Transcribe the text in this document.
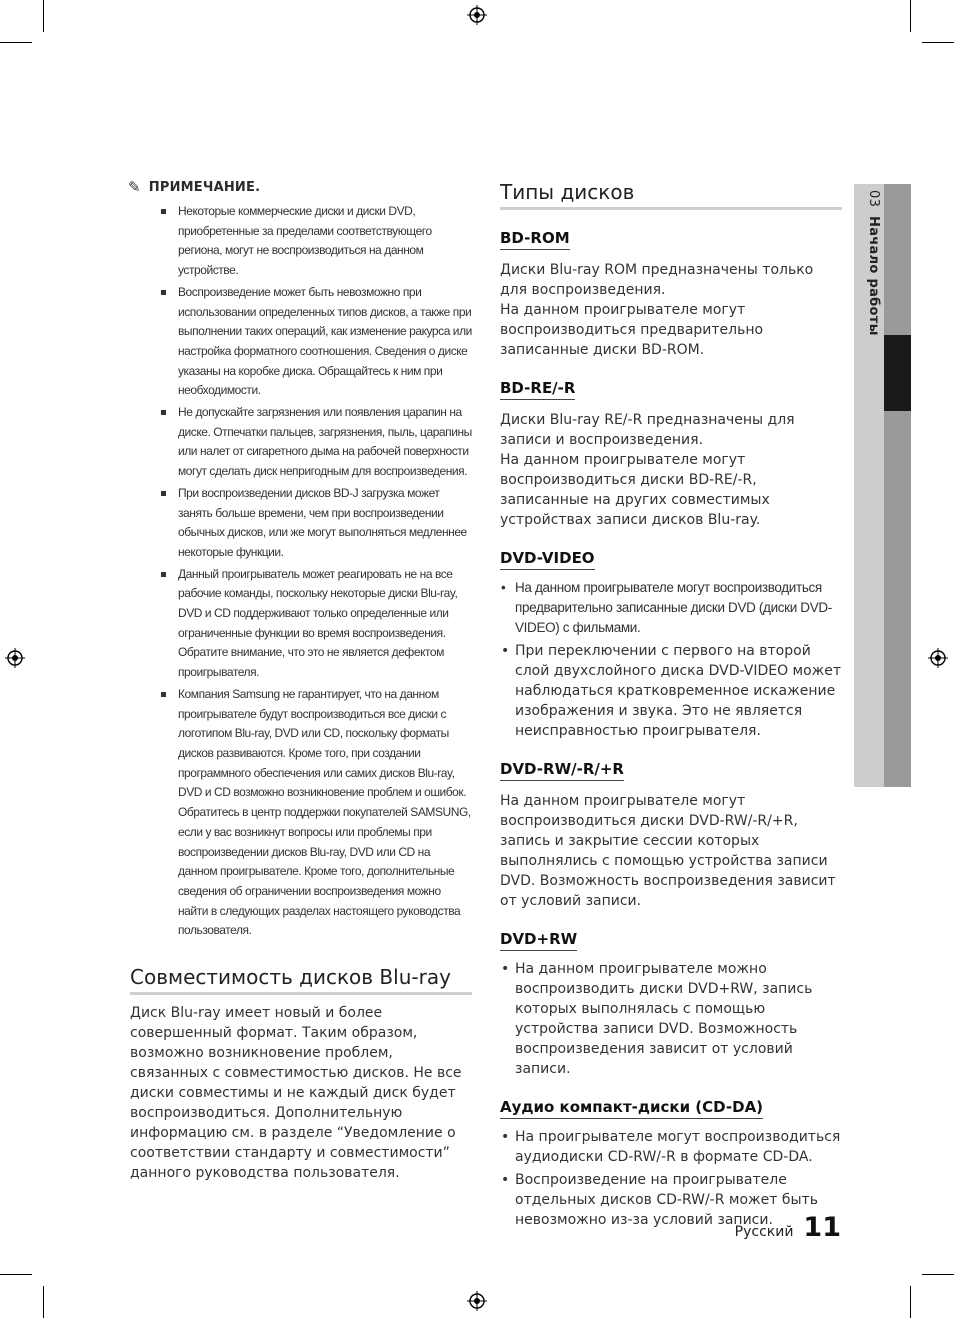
✎ ПРИМЕЧАНИЕ.
Некоторые коммерческие диски и диски DVD, приобретенные за пределами соответствующего региона, могут не воспроизводиться на данном устройстве.
Воспроизведение может быть невозможно при использовании определенных типов дисков, а также при выполнении таких операций, как изменение ракурса или настройка форматного соотношения. Сведения о диске указаны на коробке диска. Обращайтесь к ним при необходимости.
Не допускайте загрязнения или появления царапин на диске. Отпечатки пальцев, загрязнения, пыль, царапины или налет от сигаретного дыма на рабочей поверхности могут сделать диск непригодным для воспроизведения.
При воспроизведении дисков BD-J загрузка может занять больше времени, чем при воспроизведении обычных дисков, или же могут выполняться медленнее некоторые функции.
Данный проигрыватель может реагировать не на все рабочие команды, поскольку некоторые диски Blu-ray, DVD и CD поддерживают только определенные или ограниченные функции во время воспроизведения. Обратите внимание, что это не является дефектом проигрывателя.
Компания Samsung не гарантирует, что на данном проигрывателе будут воспроизводиться все диски с логотипом Blu-ray, DVD или CD, поскольку форматы дисков развиваются. Кроме того, при создании программного обеспечения или самих дисков Blu-ray, DVD и CD возможно возникновение проблем и ошибок. Обратитесь в центр поддержки покупателей SAMSUNG, если у вас возникнут вопросы или проблемы при воспроизведении дисков Blu-ray, DVD или CD на данном проигрывателе. Кроме того, дополнительные сведения об ограничении воспроизведения можно найти в следующих разделах настоящего руководства пользователя.
Совместимость дисков Blu-ray

Диск Blu-ray имеет новый и более совершенный формат. Таким образом, возможно возникновение проблем, связанных с совместимостью дисков. Не все диски совместимы и не каждый диск будет воспроизводиться. Дополнительную информацию см. в разделе “Уведомление о соответствии стандарту и совместимости” данного руководства пользователя.

Типы дисков
BD-ROM

Диски Blu-ray ROM предназначены только для воспроизведения.

На данном проигрывателе могут воспроизводиться предварительно записанные диски BD-ROM.

BD-RE/-R

Диски Blu-ray RE/-R предназначены для записи и воспроизведения.

На данном проигрывателе могут воспроизводиться диски BD-RE/-R, записанные на других совместимых устройствах записи дисков Blu-ray.

DVD-VIDEO
• На данном проигрывателе могут воспроизводиться предварительно записанные диски DVD (диски DVD-VIDEO) с фильмами.
• При переключении с первого на второй слой двухслойного диска DVD-VIDEO может наблюдаться кратковременное искажение изображения и звука. Это не является неисправностью проигрывателя.
DVD-RW/-R/+R

На данном проигрывателе могут воспроизводиться диски DVD-RW/-R/+R, запись и закрытие сессии которых выполнялись с помощью устройства записи DVD. Возможность воспроизведения зависит от условий записи.

DVD+RW
• На данном проигрывателе можно воспроизводить диски DVD+RW, запись которых выполнялась с помощью устройства записи DVD. Возможность воспроизведения зависит от условий записи.
Аудио компакт-диски (CD-DA)
• На проигрывателе могут воспроизводиться аудиодиски CD-RW/-R в формате CD-DA.
• Воспроизведение на проигрывателе отдельных дисков CD-RW/-R может быть невозможно из-за условий записи.
03  Начало работы
Русский 11
